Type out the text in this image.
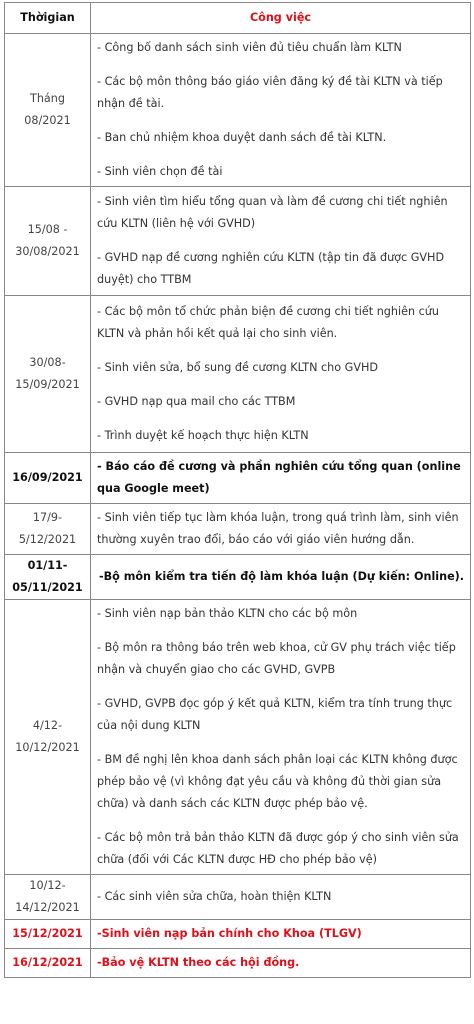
Thờigian	Công việc
Tháng 08/2021	- Công bố danh sách sinh viên đủ tiêu chuẩn làm KLTN

- Các bộ môn thông báo giáo viên đăng ký đề tài KLTN và tiếp nhận đề tài.

- Ban chủ nhiệm khoa duyệt danh sách đề tài KLTN.

- Sinh viên chọn đề tài

15/08 - 30/08/2021	- Sinh viên tìm hiểu tổng quan và làm đề cương chi tiết nghiên cứu KLTN (liên hệ với GVHD)

- GVHD nạp đề cương nghiên cứu KLTN (tập tin đã được GVHD duyệt) cho TTBM

30/08- 15/09/2021	- Các bộ môn tổ chức phản biện đề cương chi tiết nghiên cứu KLTN và phản hồi kết quả lại cho sinh viên.

- Sinh viên sửa, bổ sung đề cương KLTN cho GVHD

- GVHD nạp qua mail cho các TTBM

- Trình duyệt kế hoạch thực hiện KLTN

16/09/2021	- Báo cáo đề cương và phần nghiên cứu tổng quan (online qua Google meet)

17/9- 5/12/2021	- Sinh viên tiếp tục làm khóa luận, trong quá trình làm, sinh viên thường xuyên trao đổi, báo cáo với giáo viên hướng dẫn.

01/11- 05/11/2021	-Bộ môn kiểm tra tiến độ làm khóa luận (Dự kiến: Online).

4/12- 10/12/2021	- Sinh viên nạp bản thảo KLTN cho các bộ môn

- Bộ môn ra thông báo trên web khoa, cử GV phụ trách việc tiếp nhận và chuyển giao cho các GVHD, GVPB

- GVHD, GVPB đọc góp ý kết quả KLTN, kiểm tra tính trung thực của nội dung KLTN

- BM đề nghị lên khoa danh sách phân loại các KLTN không được phép bảo vệ (vì không đạt yêu cầu và không đủ thời gian sửa chữa) và danh sách các KLTN được phép bảo vệ.

- Các bộ môn trả bản thảo KLTN đã được góp ý cho sinh viên sửa chữa (đối với Các KLTN được HĐ cho phép bảo vệ)

10/12- 14/12/2021	- Các sinh viên sửa chữa, hoàn thiện KLTN

15/12/2021	-Sinh viên nạp bản chính cho Khoa (TLGV)

16/12/2021	-Bảo vệ KLTN theo các hội đồng.
